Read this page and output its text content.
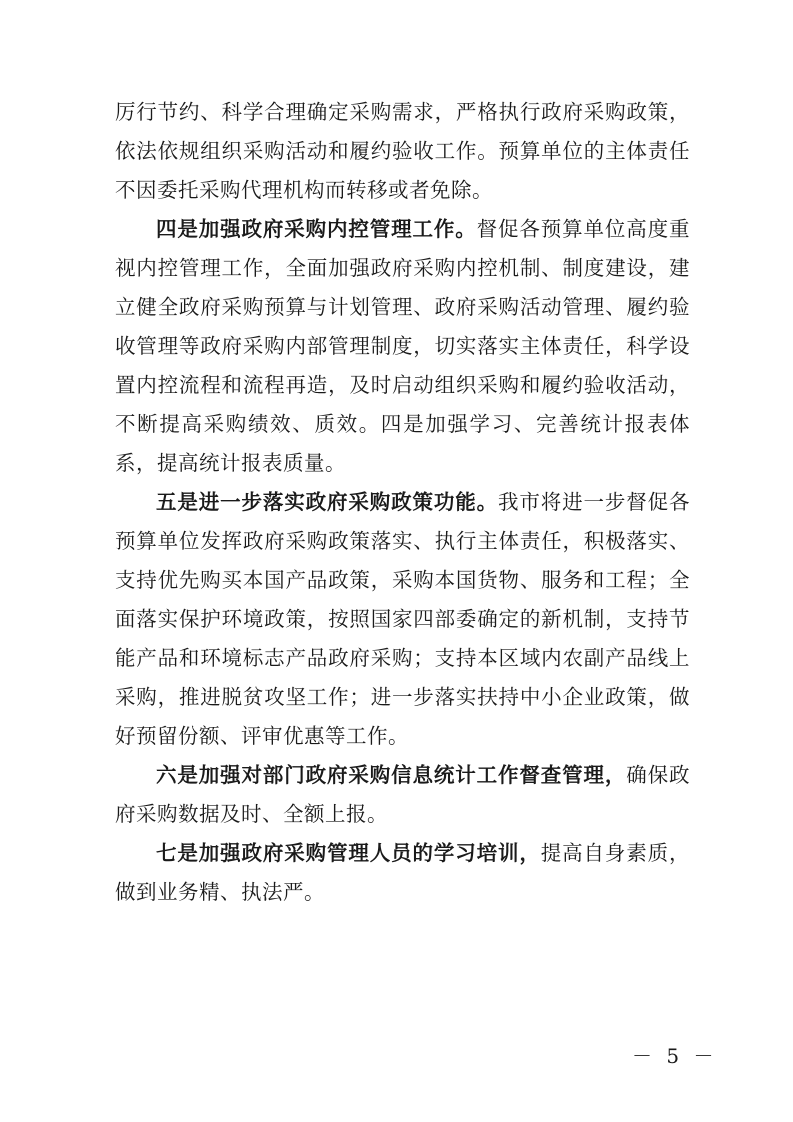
厉行节约、科学合理确定采购需求，严格执行政府采购政策，依法依规组织采购活动和履约验收工作。预算单位的主体责任不因委托采购代理机构而转移或者免除。

四是加强政府采购内控管理工作。督促各预算单位高度重视内控管理工作，全面加强政府采购内控机制、制度建设，建立健全政府采购预算与计划管理、政府采购活动管理、履约验收管理等政府采购内部管理制度，切实落实主体责任，科学设置内控流程和流程再造，及时启动组织采购和履约验收活动，不断提高采购绩效、质效。四是加强学习、完善统计报表体系，提高统计报表质量。

五是进一步落实政府采购政策功能。我市将进一步督促各预算单位发挥政府采购政策落实、执行主体责任，积极落实、支持优先购买本国产品政策，采购本国货物、服务和工程；全面落实保护环境政策，按照国家四部委确定的新机制，支持节能产品和环境标志产品政府采购；支持本区域内农副产品线上采购，推进脱贫攻坚工作；进一步落实扶持中小企业政策，做好预留份额、评审优惠等工作。

六是加强对部门政府采购信息统计工作督查管理，确保政府采购数据及时、全额上报。

七是加强政府采购管理人员的学习培训，提高自身素质，做到业务精、执法严。

－ 5 －
